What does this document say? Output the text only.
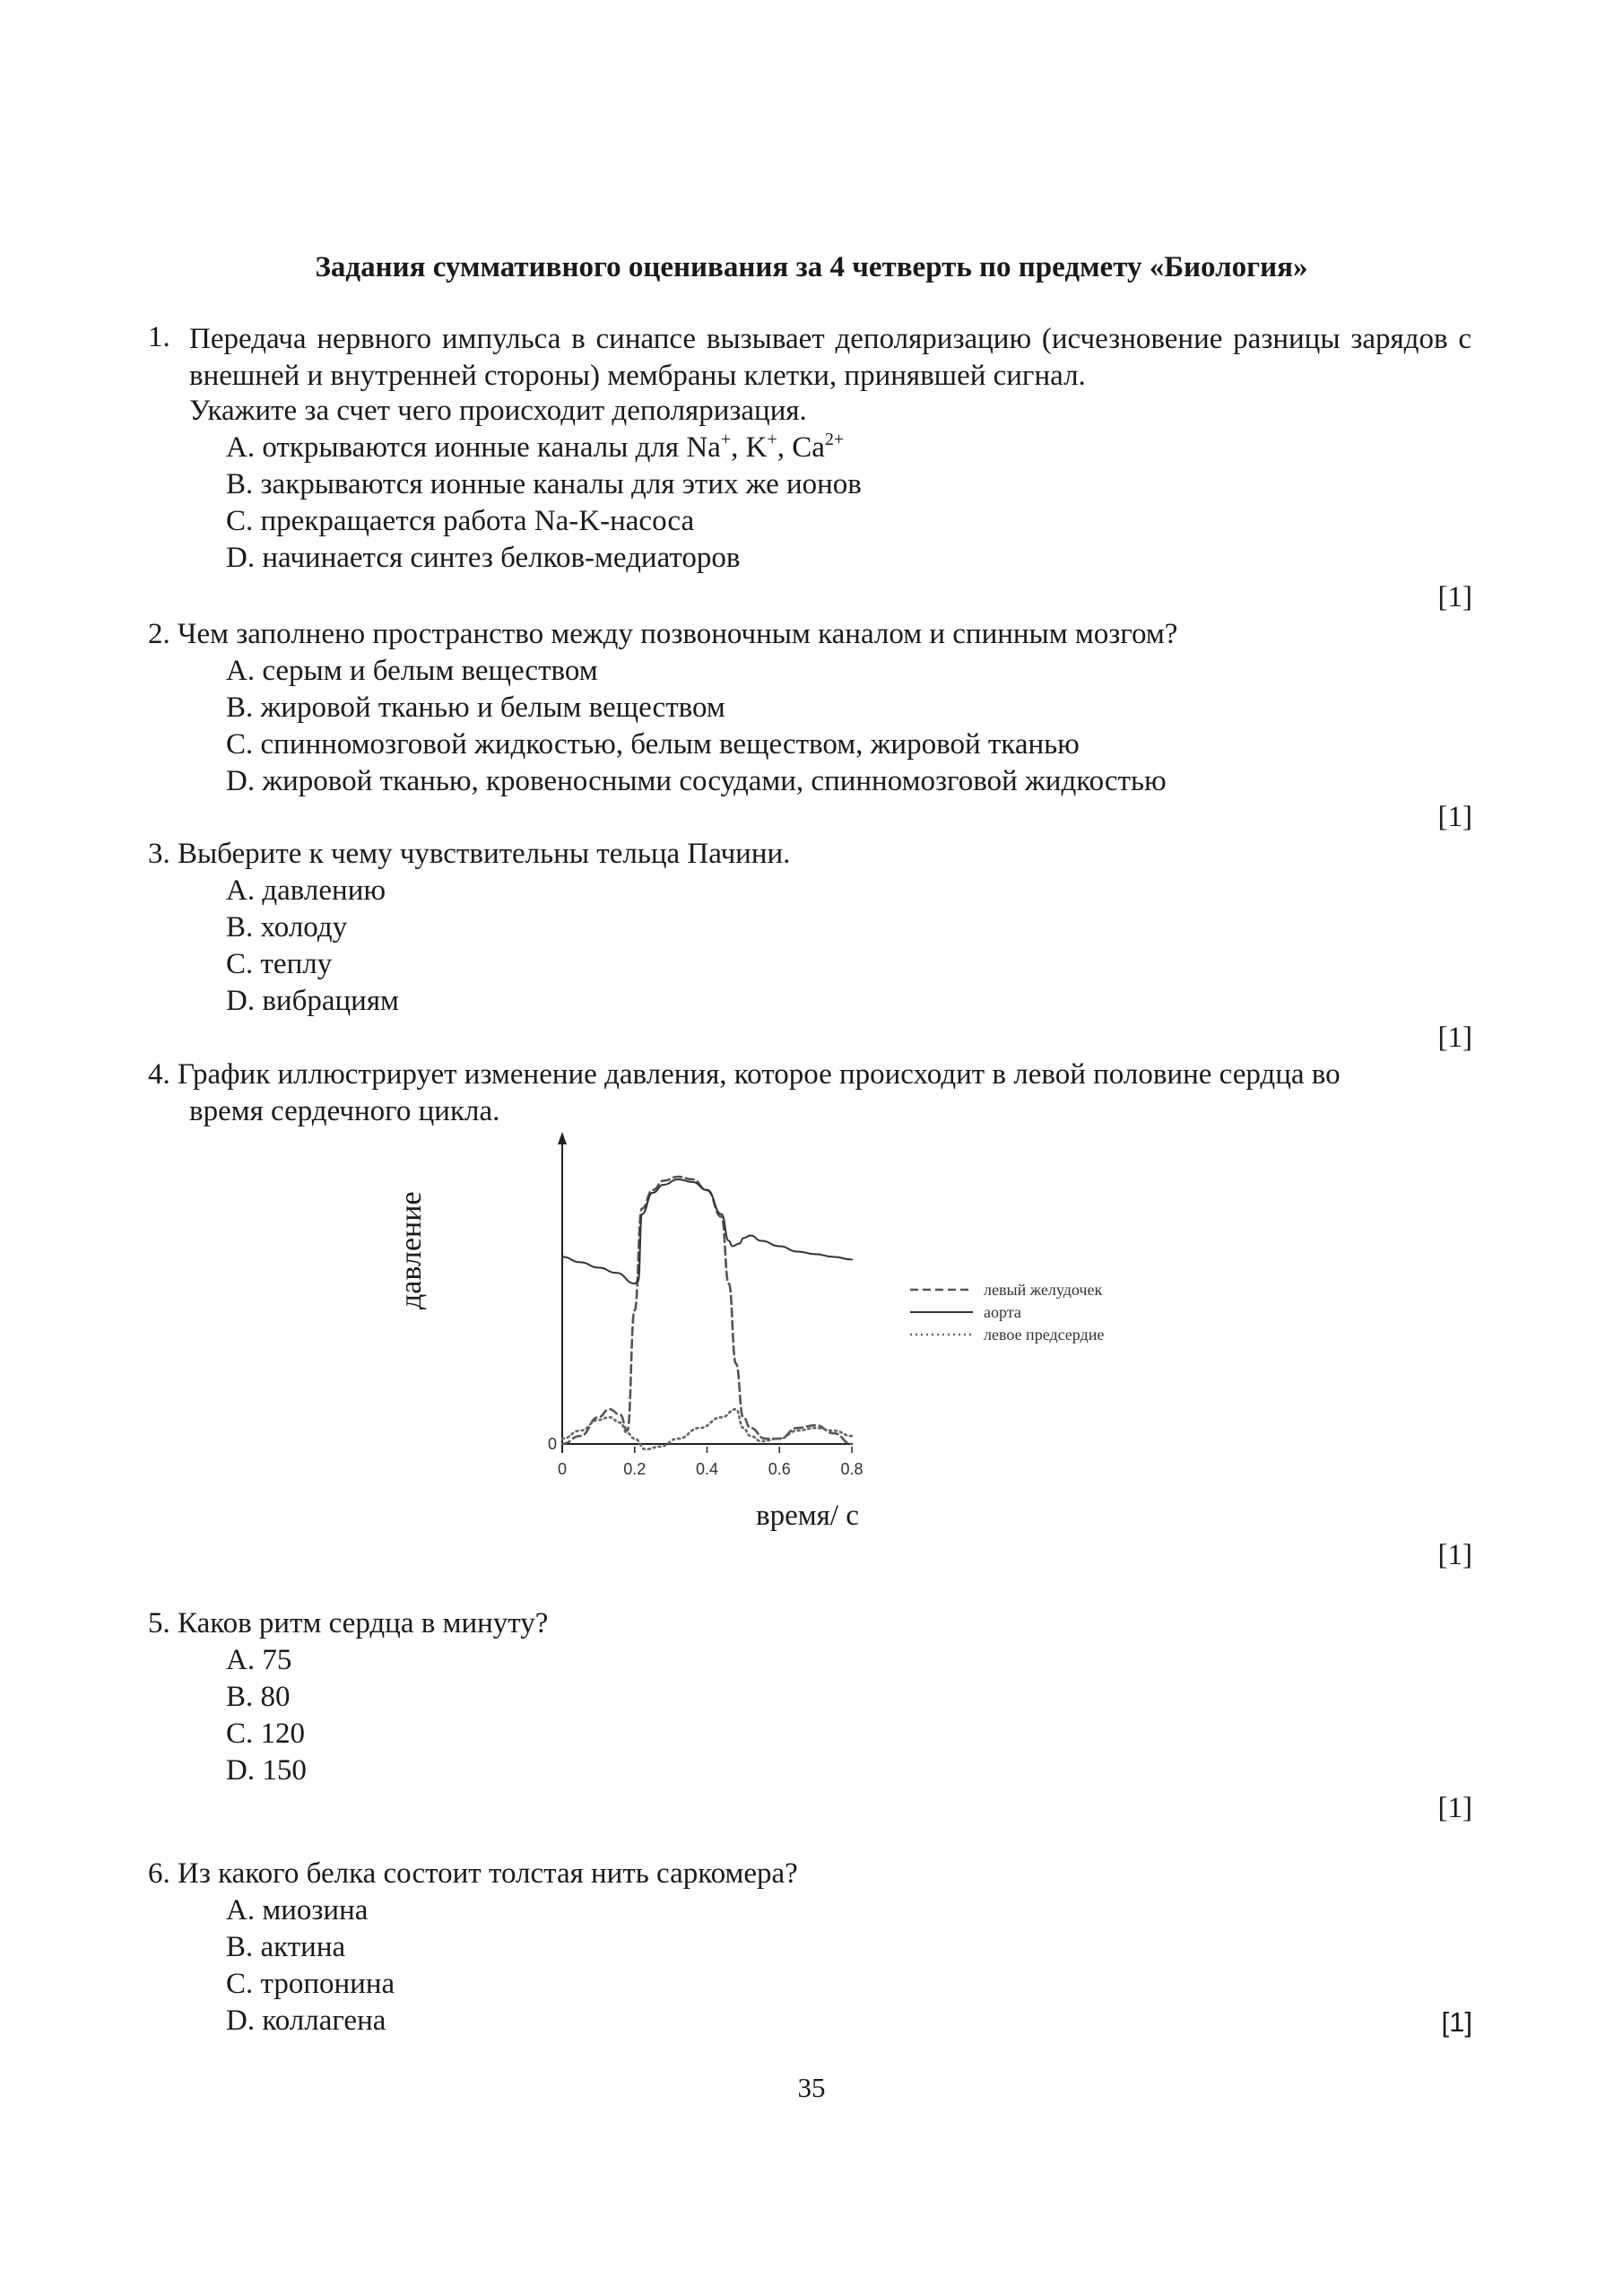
Задания суммативного оценивания за 4 четверть по предмету «Биология»
1. Передача нервного импульса в синапсе вызывает деполяризацию (исчезновение разницы зарядов с внешней и внутренней стороны) мембраны клетки, принявшей сигнал.
Укажите за счет чего происходит деполяризация.
A. открываются ионные каналы для Na+, K+, $Ca^{2+}$
B. закрываются ионные каналы для этих же ионов
C. прекращается работа Na-K-насоса
D. начинается синтез белков-медиаторов
[1]
2. Чем заполнено пространство между позвоночным каналом и спинным мозгом?
A. серым и белым веществом
B. жировой тканью и белым веществом
C. спинномозговой жидкостью, белым веществом, жировой тканью
D. жировой тканью, кровеносными сосудами, спинномозговой жидкостью
[1]
3. Выберите к чему чувствительны тельца Пачини.
A. давлению
B. холоду
C. теплу
D. вибрациям
[1]
4. График иллюстрирует изменение давления, которое происходит в левой половине сердца во
время сердечного цикла.
давление
время/ с
0	0.2	0.4	0.6	0.8
0
левый желудочек
аорта
левое предсердие
[1]
5. Каков ритм сердца в минуту?
A. 75
B. 80
C. 120
D. 150
[1]
6. Из какого белка состоит толстая нить саркомера?
A. миозина
B. актина
C. тропонина
D. коллагена	[1]
35
